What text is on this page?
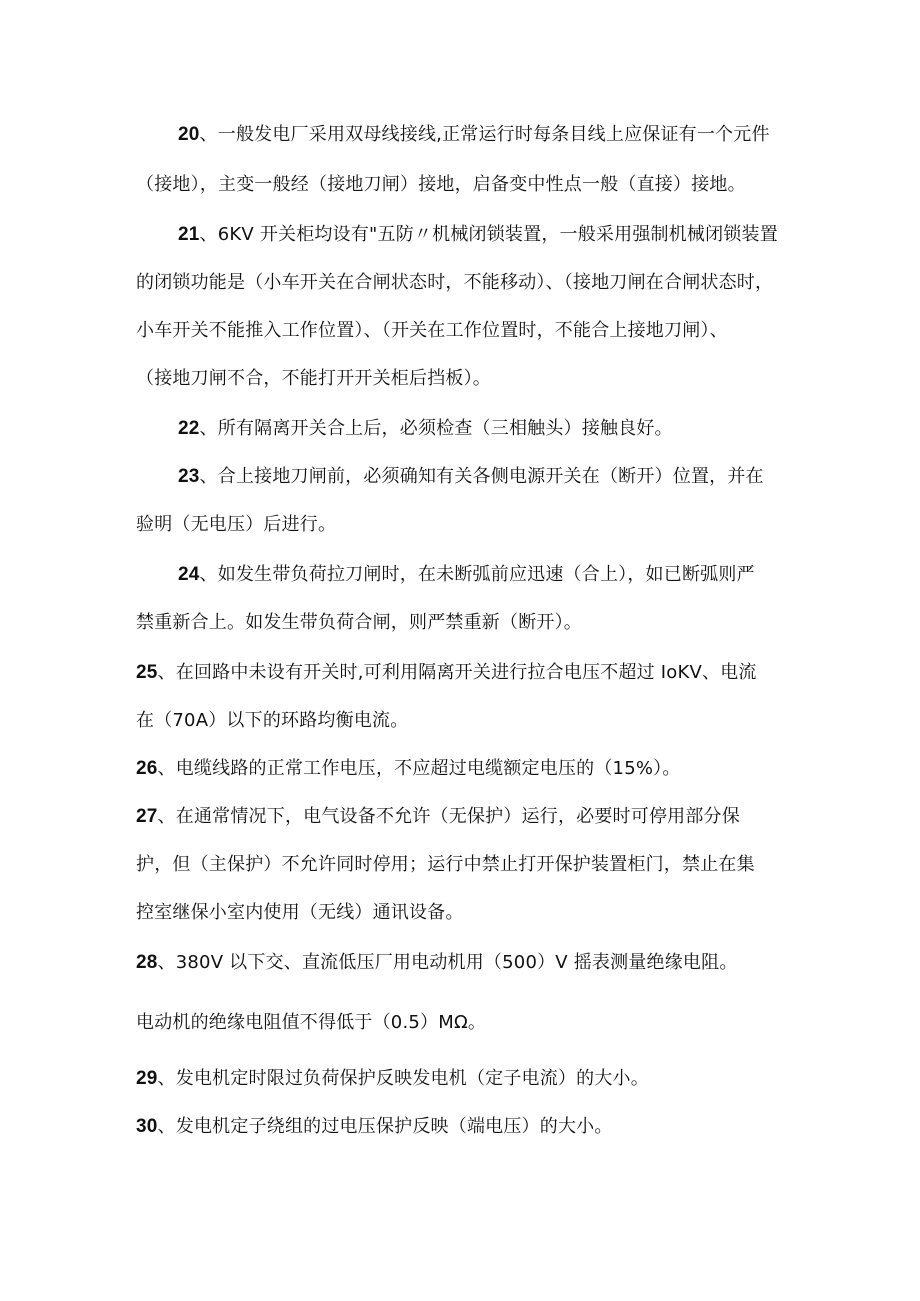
20、一般发电厂采用双母线接线,正常运行时每条目线上应保证有一个元件
（接地），主变一般经（接地刀闸）接地，启备变中性点一般（直接）接地。
21、6KV 开关柜均设有"五防〃机械闭锁装置，一般采用强制机械闭锁装置
的闭锁功能是（小车开关在合闸状态时，不能移动）、（接地刀闸在合闸状态时，
小车开关不能推入工作位置）、（开关在工作位置时，不能合上接地刀闸）、
（接地刀闸不合，不能打开开关柜后挡板）。
22、所有隔离开关合上后，必须检查（三相触头）接触良好。
23、合上接地刀闸前，必须确知有关各侧电源开关在（断开）位置，并在
验明（无电压）后进行。
24、如发生带负荷拉刀闸时，在未断弧前应迅速（合上），如已断弧则严
禁重新合上。如发生带负荷合闸，则严禁重新（断开）。
25、在回路中未设有开关时,可利用隔离开关进行拉合电压不超过 IoKV、电流
在（70A）以下的环路均衡电流。
26、电缆线路的正常工作电压，不应超过电缆额定电压的（15%）。
27、在通常情况下，电气设备不允许（无保护）运行，必要时可停用部分保
护，但（主保护）不允许同时停用；运行中禁止打开保护装置柜门，禁止在集
控室继保小室内使用（无线）通讯设备。
28、380V 以下交、直流低压厂用电动机用（500）V 摇表测量绝缘电阻。
电动机的绝缘电阻值不得低于（0.5）MΩ。
29、发电机定时限过负荷保护反映发电机（定子电流）的大小。
30、发电机定子绕组的过电压保护反映（端电压）的大小。
